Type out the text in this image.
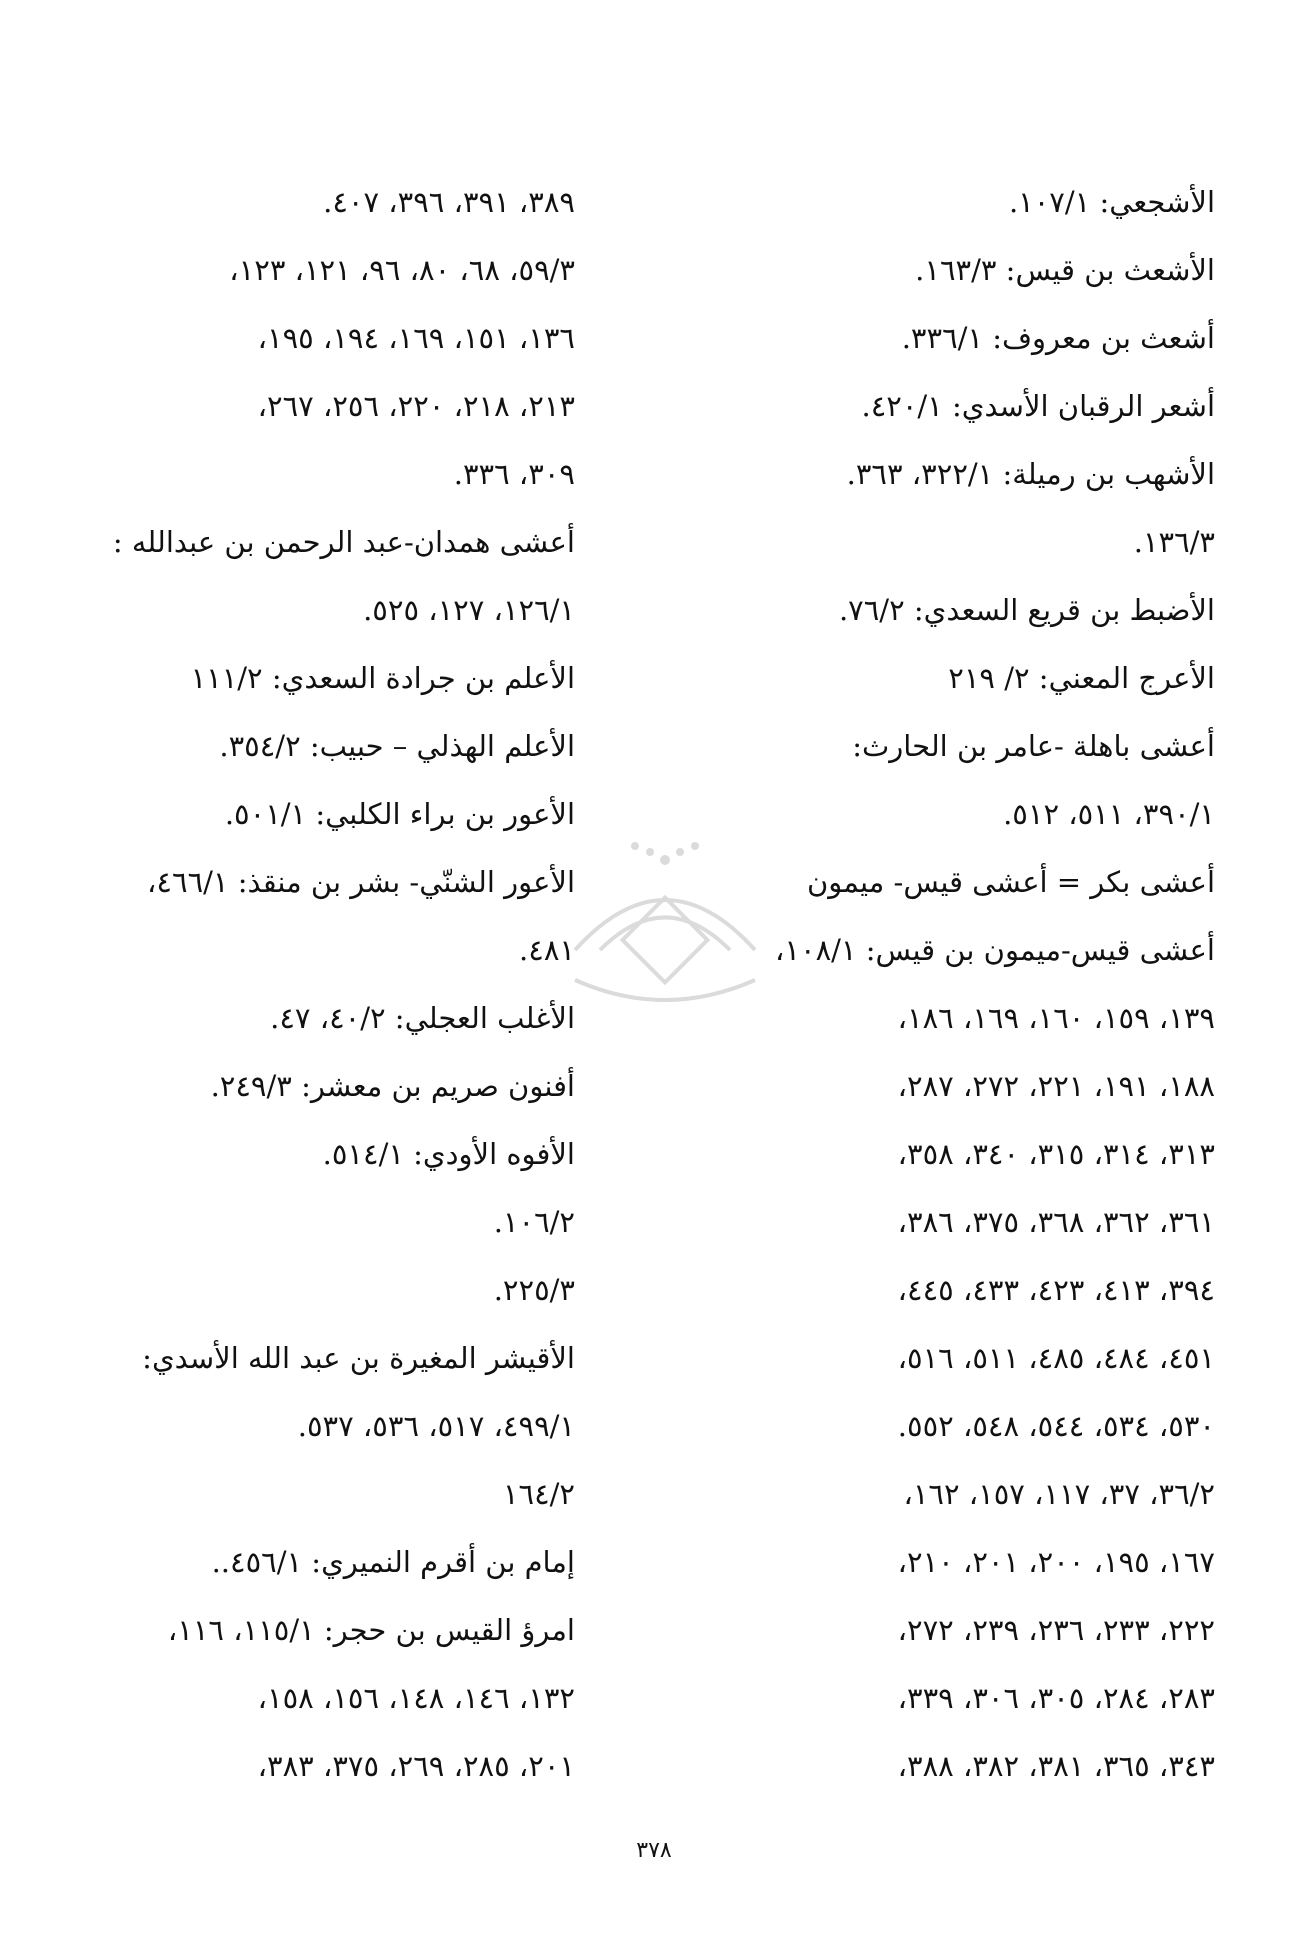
الأشجعي: ١٠٧/١.
الأشعث بن قيس: ١٦٣/٣.
أشعث بن معروف: ٣٣٦/١.
أشعر الرقبان الأسدي: ٤٢٠/١.
الأشهب بن رميلة: ٣٢٢/١، ٣٦٣.
١٣٦/٣.
الأضبط بن قريع السعدي: ٧٦/٢.
الأعرج المعني: ٢/ ٢١٩
أعشى باهلة -عامر بن الحارث:
٣٩٠/١، ٥١١، ٥١٢.
أعشى بكر = أعشى قيس- ميمون
أعشى قيس-ميمون بن قيس: ١٠٨/١،
١٣٩، ١٥٩، ١٦٠، ١٦٩، ١٨٦،
١٨٨، ١٩١، ٢٢١، ٢٧٢، ٢٨٧،
٣١٣، ٣١٤، ٣١٥، ٣٤٠، ٣٥٨،
٣٦١، ٣٦٢، ٣٦٨، ٣٧٥، ٣٨٦،
٣٩٤، ٤١٣، ٤٢٣، ٤٣٣، ٤٤٥،
٤٥١، ٤٨٤، ٤٨٥، ٥١١، ٥١٦،
٥٣٠، ٥٣٤، ٥٤٤، ٥٤٨، ٥٥٢.
٣٦/٢، ٣٧، ١١٧، ١٥٧، ١٦٢،
١٦٧، ١٩٥، ٢٠٠، ٢٠١، ٢١٠،
٢٢٢، ٢٣٣، ٢٣٦، ٢٣٩، ٢٧٢،
٢٨٣، ٢٨٤، ٣٠٥، ٣٠٦، ٣٣٩،
٣٤٣، ٣٦٥، ٣٨١، ٣٨٢، ٣٨٨،
٣٨٩، ٣٩١، ٣٩٦، ٤٠٧.
٥٩/٣، ٦٨، ٨٠، ٩٦، ١٢١، ١٢٣،
١٣٦، ١٥١، ١٦٩، ١٩٤، ١٩٥،
٢١٣، ٢١٨، ٢٢٠، ٢٥٦، ٢٦٧،
٣٠٩، ٣٣٦.
أعشى همدان-عبد الرحمن بن عبدالله :
١٢٦/١، ١٢٧، ٥٢٥.
الأعلم بن جرادة السعدي: ١١١/٢
الأعلم الهذلي – حبيب: ٣٥٤/٢.
الأعور بن براء الكلبي: ٥٠١/١.
الأعور الشنّي- بشر بن منقذ: ٤٦٦/١،
٤٨١.
الأغلب العجلي: ٤٠/٢، ٤٧.
أفنون صريم بن معشر: ٢٤٩/٣.
الأفوه الأودي: ٥١٤/١.
١٠٦/٢.
٢٢٥/٣.
الأقيشر المغيرة بن عبد الله الأسدي:
٤٩٩/١، ٥١٧، ٥٣٦، ٥٣٧.
١٦٤/٢
إمام بن أقرم النميري: ٤٥٦/١..
امرؤ القيس بن حجر: ١١٥/١، ١١٦،
١٣٢، ١٤٦، ١٤٨، ١٥٦، ١٥٨،
٢٠١، ٢٨٥، ٢٦٩، ٣٧٥، ٣٨٣،
٣٧٨
